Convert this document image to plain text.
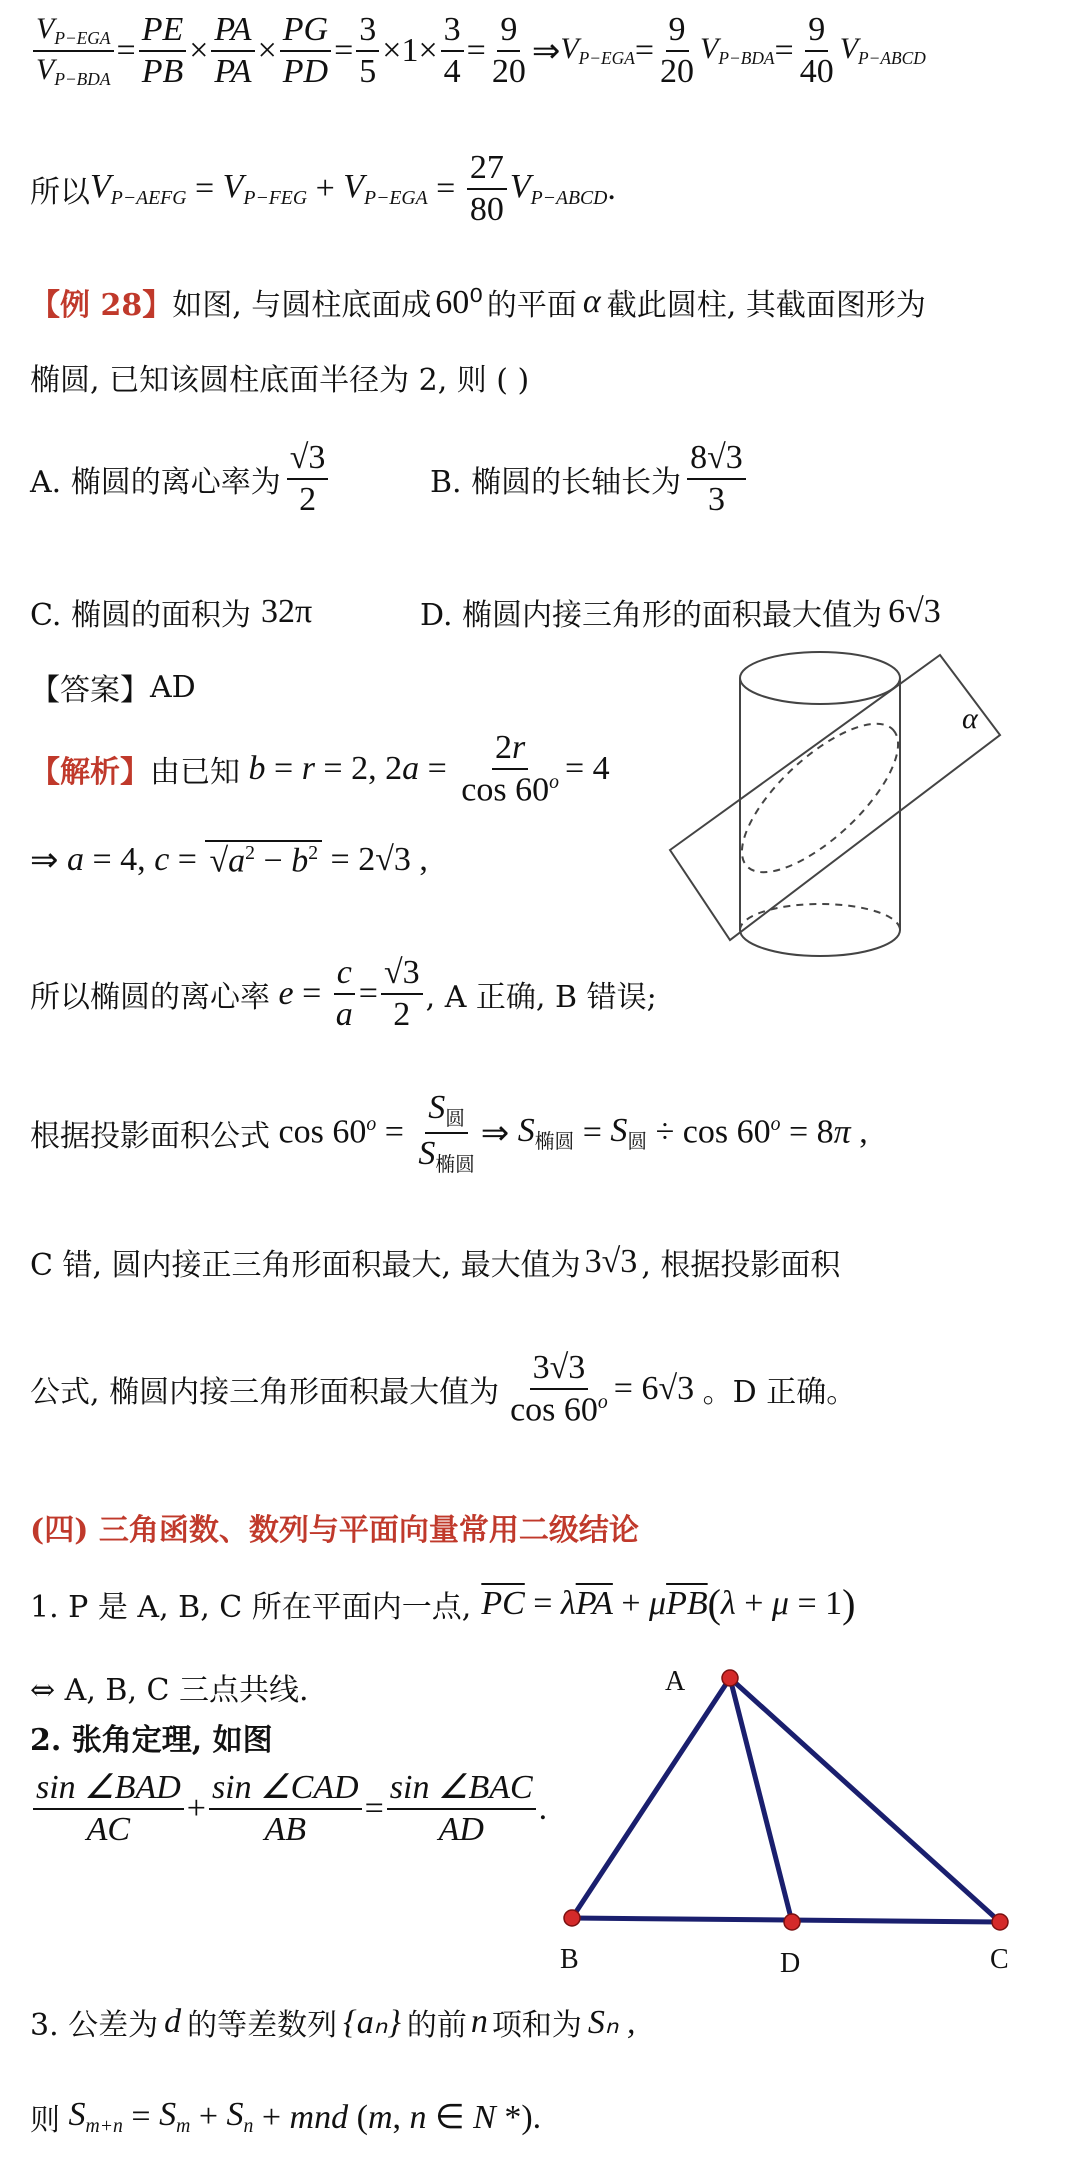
$\frac{V_{P-EGA}}{V_{P-BDA}} = \frac{PE}{PB} \times \frac{PA}{PA} \times \frac{PG}{PD} = \frac{3}{5} \times 1\times \frac{3}{4} = \frac{9}{20}$ ⇒ $V_{P-EGA} = \frac{9}{20} V_{P-BDA} = \frac{9}{40} V_{P-ABCD}$
所以 $V_{P-AEFG} = V_{P-FEG} + V_{P-EGA} = \frac{27}{80} V_{P-ABCD}$ .
【例 28】 如图, 与圆柱底面成 60⁰ 的平面 α 截此圆柱, 其截面图形为
椭圆, 已知该圆柱底面半径为 2, 则 ( )
A. 椭圆的离心率为 $\frac{√3}{2}$	B. 椭圆的长轴长为 $\frac{8√3}{3}$
C. 椭圆的面积为 32π	D. 椭圆内接三角形的面积最大值为 6√3
【答案】 AD
【解析】 由已知 b = r = 2, 2 $a = \frac{2r}{\cos 60^o} = 4$
⇒ a = 4, $c = √a^2 - b^2 = 2√3$ ,
所以椭圆的离心率 $e = \frac{c}{a} = \frac{√3}{2}$ , A 正确, B 错误;
根据投影面积公式 $\cos 60^o = \frac{S_圆}{S_{椭圆}}$ ⇒ $S_{椭圆} = S_圆 \div \cos 60^o = 8\pi$ ,
C 错, 圆内接正三角形面积最大, 最大值为 3√3 , 根据投影面积
公式, 椭圆内接三角形面积最大值为 $\frac{3√3}{\cos 60^o} = 6√3$ 。D 正确。
(四) 三角函数、数列与平面向量常用二级结论
1. P 是 A, B, C 所在平面内一点, $\overline{PC} = \lambda$ $\overline{PA} + \mu$ $\overline{PB}$ ( λ + μ = 1 )
⇔ A, B, C 三点共线.
2. 张角定理, 如图
$\frac{\text{sin ∠BAD}}{AC} + \frac{\text{sin ∠CAD}}{AB} = \frac{\text{sin ∠BAC}}{AD}$ .
3. 公差为 d 的等差数列 {aₙ} 的前 n 项和为 Sₙ ,
则 $S_{m+n} = S_m + S_n$ + mnd (m, n ∈ N *).
α
A
B	D	C
